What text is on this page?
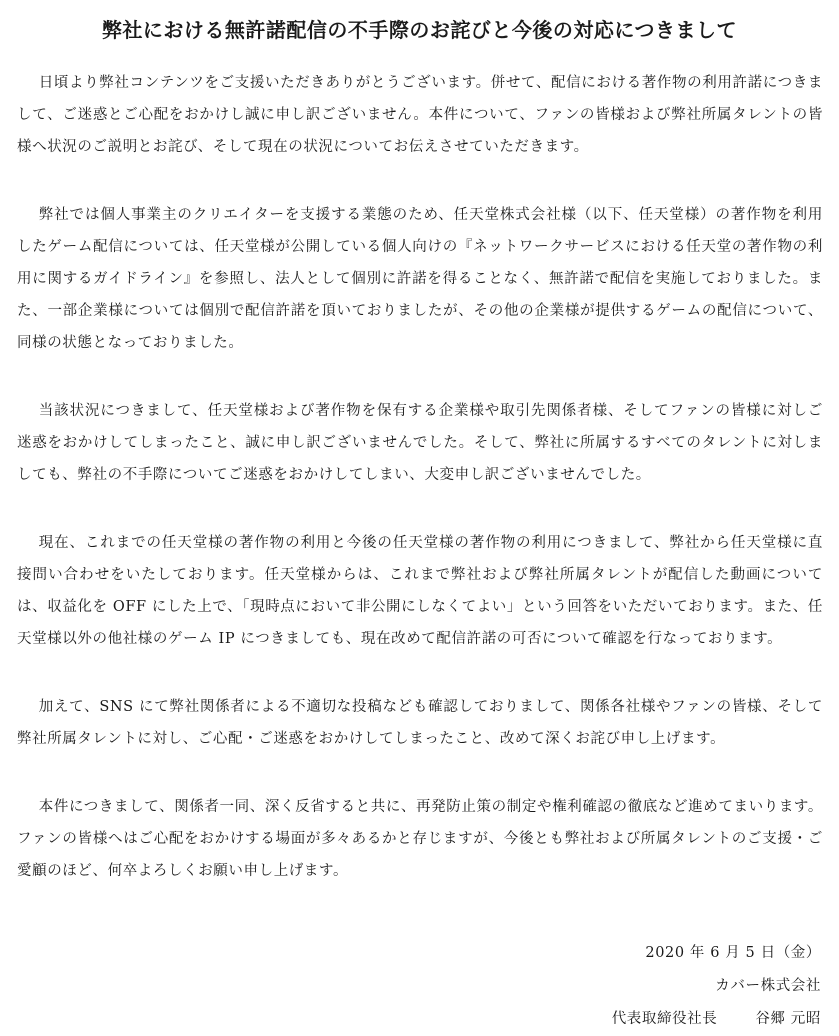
弊社における無許諾配信の不手際のお詫びと今後の対応につきまして

日頃より弊社コンテンツをご支援いただきありがとうございます。併せて、配信における著作物の利用許諾につきまして、ご迷惑とご心配をおかけし誠に申し訳ございません。本件について、ファンの皆様および弊社所属タレントの皆様へ状況のご説明とお詫び、そして現在の状況についてお伝えさせていただきます。

弊社では個人事業主のクリエイターを支援する業態のため、任天堂株式会社様（以下、任天堂様）の著作物を利用したゲーム配信については、任天堂様が公開している個人向けの『ネットワークサービスにおける任天堂の著作物の利用に関するガイドライン』を参照し、法人として個別に許諾を得ることなく、無許諾で配信を実施しておりました。また、一部企業様については個別で配信許諾を頂いておりましたが、その他の企業様が提供するゲームの配信について、同様の状態となっておりました。

当該状況につきまして、任天堂様および著作物を保有する企業様や取引先関係者様、そしてファンの皆様に対しご迷惑をおかけしてしまったこと、誠に申し訳ございませんでした。そして、弊社に所属するすべてのタレントに対しましても、弊社の不手際についてご迷惑をおかけしてしまい、大変申し訳ございませんでした。

現在、これまでの任天堂様の著作物の利用と今後の任天堂様の著作物の利用につきまして、弊社から任天堂様に直接問い合わせをいたしております。任天堂様からは、これまで弊社および弊社所属タレントが配信した動画については、収益化を OFF にした上で、「現時点において非公開にしなくてよい」という回答をいただいております。また、任天堂様以外の他社様のゲーム IP につきましても、現在改めて配信許諾の可否について確認を行なっております。

加えて、SNS にて弊社関係者による不適切な投稿なども確認しておりまして、関係各社様やファンの皆様、そして弊社所属タレントに対し、ご心配・ご迷惑をおかけしてしまったこと、改めて深くお詫び申し上げます。

本件につきまして、関係者一同、深く反省すると共に、再発防止策の制定や権利確認の徹底など進めてまいります。ファンの皆様へはご心配をおかけする場面が多々あるかと存じますが、今後とも弊社および所属タレントのご支援・ご愛顧のほど、何卒よろしくお願い申し上げます。

2020 年 6 月 5 日（金）
カバー株式会社
代表取締役社長	谷郷 元昭
